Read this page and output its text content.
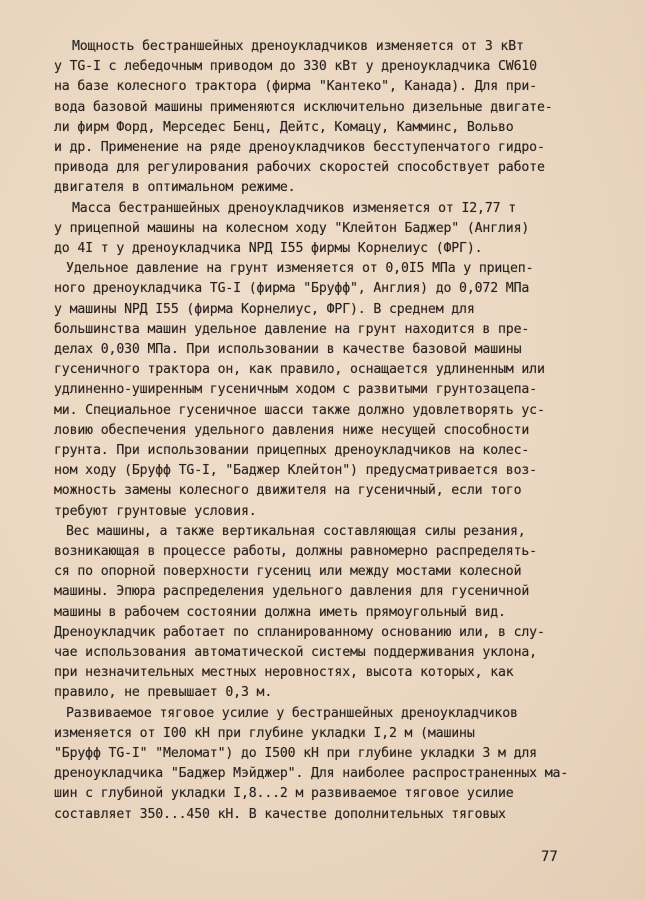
Мощность бестраншейных дреноукладчиков изменяется от 3 кВт
у ТG-I с лебедочным приводом до 330 кВт у дреноукладчика CW610
на базе колесного трактора (фирма "Кантеко", Канада). Для при-
вода базовой машины применяются исключительно дизельные двигате-
ли фирм Форд, Мерседес Бенц, Дейтс, Комацу, Камминс, Вольво
и др. Применение на ряде дреноукладчиков бесступенчатого гидро-
привода для регулирования рабочих скоростей способствует работе
двигателя в оптимальном режиме.
Масса бестраншейных дреноукладчиков изменяется от I2,77 т
у прицепной машины на колесном ходу "Клейтон Баджер" (Англия)
до 4I т у дреноукладчика NРД I55 фирмы Корнелиус (ФРГ).
Удельное давление на грунт изменяется от 0,0I5 МПа у прицеп-
ного дреноукладчика ТG-I (фирма "Бруфф", Англия) до 0,072 МПа
у машины NРД I55 (фирма Корнелиус, ФРГ). В среднем для
большинства машин удельное давление на грунт находится в пре-
делах 0,030 МПа. При использовании в качестве базовой машины
гусеничного трактора он, как правило, оснащается удлиненным или
удлиненно-уширенным гусеничным ходом с развитыми грунтозацепа-
ми. Специальное гусеничное шасси также должно удовлетворять ус-
ловию обеспечения удельного давления ниже несущей способности
грунта. При использовании прицепных дреноукладчиков на колес-
ном ходу (Бруфф ТG-I, "Баджер Клейтон") предусматривается воз-
можность замены колесного движителя на гусеничный, если того
требуют грунтовые условия.
Вес машины, а также вертикальная составляющая силы резания,
возникающая в процессе работы, должны равномерно распределять-
ся по опорной поверхности гусениц или между мостами колесной
машины. Эпюра распределения удельного давления для гусеничной
машины в рабочем состоянии должна иметь прямоугольный вид.
Дреноукладчик работает по спланированному основанию или, в слу-
чае использования автоматической системы поддерживания уклона,
при незначительных местных неровностях, высота которых, как
правило, не превышает 0,3 м.
Развиваемое тяговое усилие у бестраншейных дреноукладчиков
изменяется от I00 кН при глубине укладки I,2 м (машины
"Бруфф ТG-I" "Меломат") до I500 кН при глубине укладки 3 м для
дреноукладчика "Баджер Мэйджер". Для наиболее распространенных ма-
шин с глубиной укладки I,8...2 м развиваемое тяговое усилие
составляет 350...450 кН. В качестве дополнительных тяговых
77
